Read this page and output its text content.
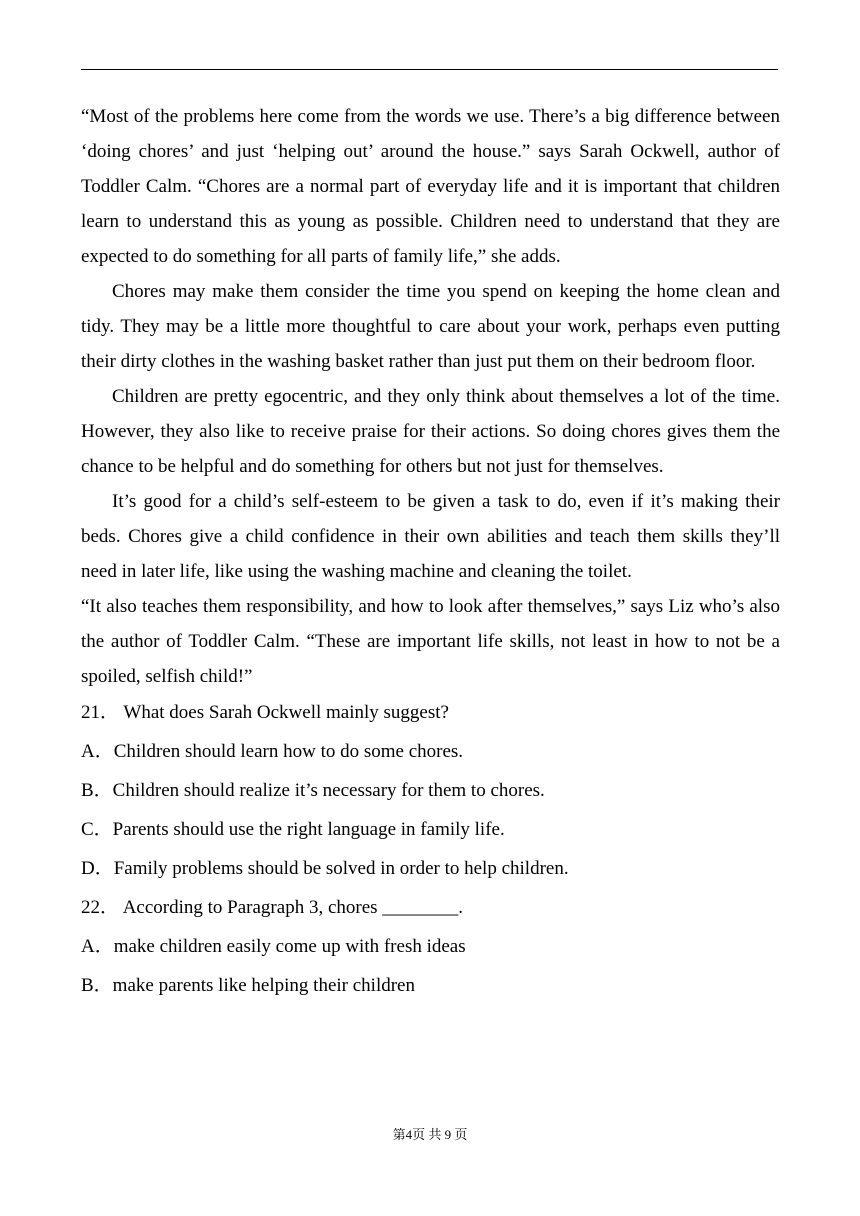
“Most of the problems here come from the words we use. There’s a big difference between ‘doing chores’ and just ‘helping out’ around the house.” says Sarah Ockwell, author of Toddler Calm. “Chores are a normal part of everyday life and it is important that children learn to understand this as young as possible. Children need to understand that they are expected to do something for all parts of family life,” she adds.

Chores may make them consider the time you spend on keeping the home clean and tidy. They may be a little more thoughtful to care about your work, perhaps even putting their dirty clothes in the washing basket rather than just put them on their bedroom floor.

Children are pretty egocentric, and they only think about themselves a lot of the time. However, they also like to receive praise for their actions. So doing chores gives them the chance to be helpful and do something for others but not just for themselves.

It’s good for a child’s self-esteem to be given a task to do, even if it’s making their beds. Chores give a child confidence in their own abilities and teach them skills they’ll need in later life, like using the washing machine and cleaning the toilet.

“It also teaches them responsibility, and how to look after themselves,” says Liz who’s also the author of Toddler Calm. “These are important life skills, not least in how to not be a spoiled, selfish child!”

21． What does Sarah Ockwell mainly suggest?

A．Children should learn how to do some chores.

B．Children should realize it’s necessary for them to chores.

C．Parents should use the right language in family life.

D．Family problems should be solved in order to help children.

22． According to Paragraph 3, chores ________.

A．make children easily come up with fresh ideas

B．make parents like helping their children

第4页 共 9 页
